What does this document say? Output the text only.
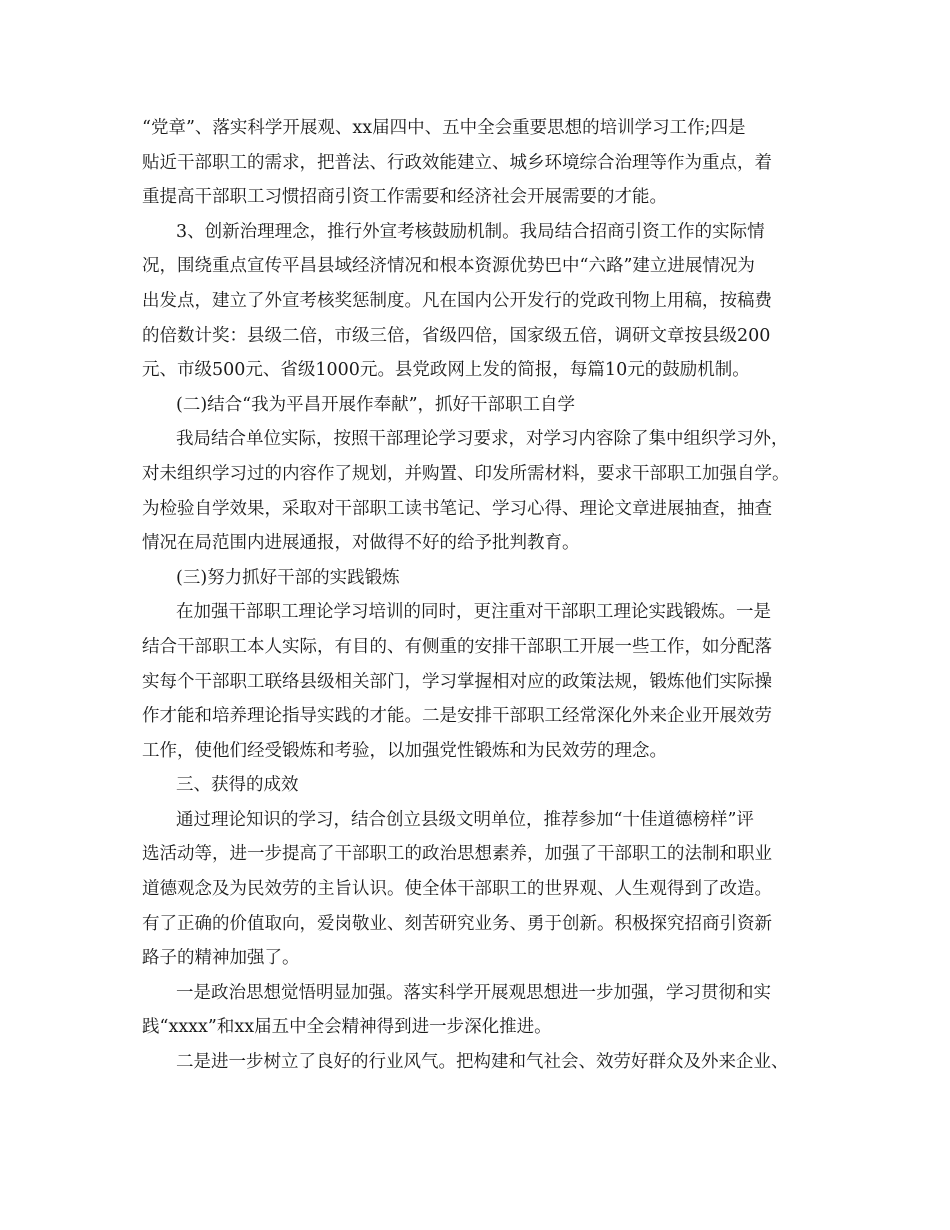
“党章”、落实科学开展观、xx届四中、五中全会重要思想的培训学习工作;四是
贴近干部职工的需求，把普法、行政效能建立、城乡环境综合治理等作为重点，着
重提高干部职工习惯招商引资工作需要和经济社会开展需要的才能。

3、创新治理理念，推行外宣考核鼓励机制。我局结合招商引资工作的实际情
况，围绕重点宣传平昌县域经济情况和根本资源优势巴中“六路”建立进展情况为
出发点，建立了外宣考核奖惩制度。凡在国内公开发行的党政刊物上用稿，按稿费
的倍数计奖：县级二倍，市级三倍，省级四倍，国家级五倍，调研文章按县级200
元、市级500元、省级1000元。县党政网上发的简报，每篇10元的鼓励机制。

(二)结合“我为平昌开展作奉献”，抓好干部职工自学

我局结合单位实际，按照干部理论学习要求，对学习内容除了集中组织学习外，
对未组织学习过的内容作了规划，并购置、印发所需材料，要求干部职工加强自学。
为检验自学效果，采取对干部职工读书笔记、学习心得、理论文章进展抽查，抽查
情况在局范围内进展通报，对做得不好的给予批判教育。

(三)努力抓好干部的实践锻炼

在加强干部职工理论学习培训的同时，更注重对干部职工理论实践锻炼。一是
结合干部职工本人实际，有目的、有侧重的安排干部职工开展一些工作，如分配落
实每个干部职工联络县级相关部门，学习掌握相对应的政策法规，锻炼他们实际操
作才能和培养理论指导实践的才能。二是安排干部职工经常深化外来企业开展效劳
工作，使他们经受锻炼和考验，以加强党性锻炼和为民效劳的理念。

三、获得的成效

通过理论知识的学习，结合创立县级文明单位，推荐参加“十佳道德榜样”评
选活动等，进一步提高了干部职工的政治思想素养，加强了干部职工的法制和职业
道德观念及为民效劳的主旨认识。使全体干部职工的世界观、人生观得到了改造。
有了正确的价值取向，爱岗敬业、刻苦研究业务、勇于创新。积极探究招商引资新
路子的精神加强了。

一是政治思想觉悟明显加强。落实科学开展观思想进一步加强，学习贯彻和实
践“xxxx”和xx届五中全会精神得到进一步深化推进。

二是进一步树立了良好的行业风气。把构建和气社会、效劳好群众及外来企业、
